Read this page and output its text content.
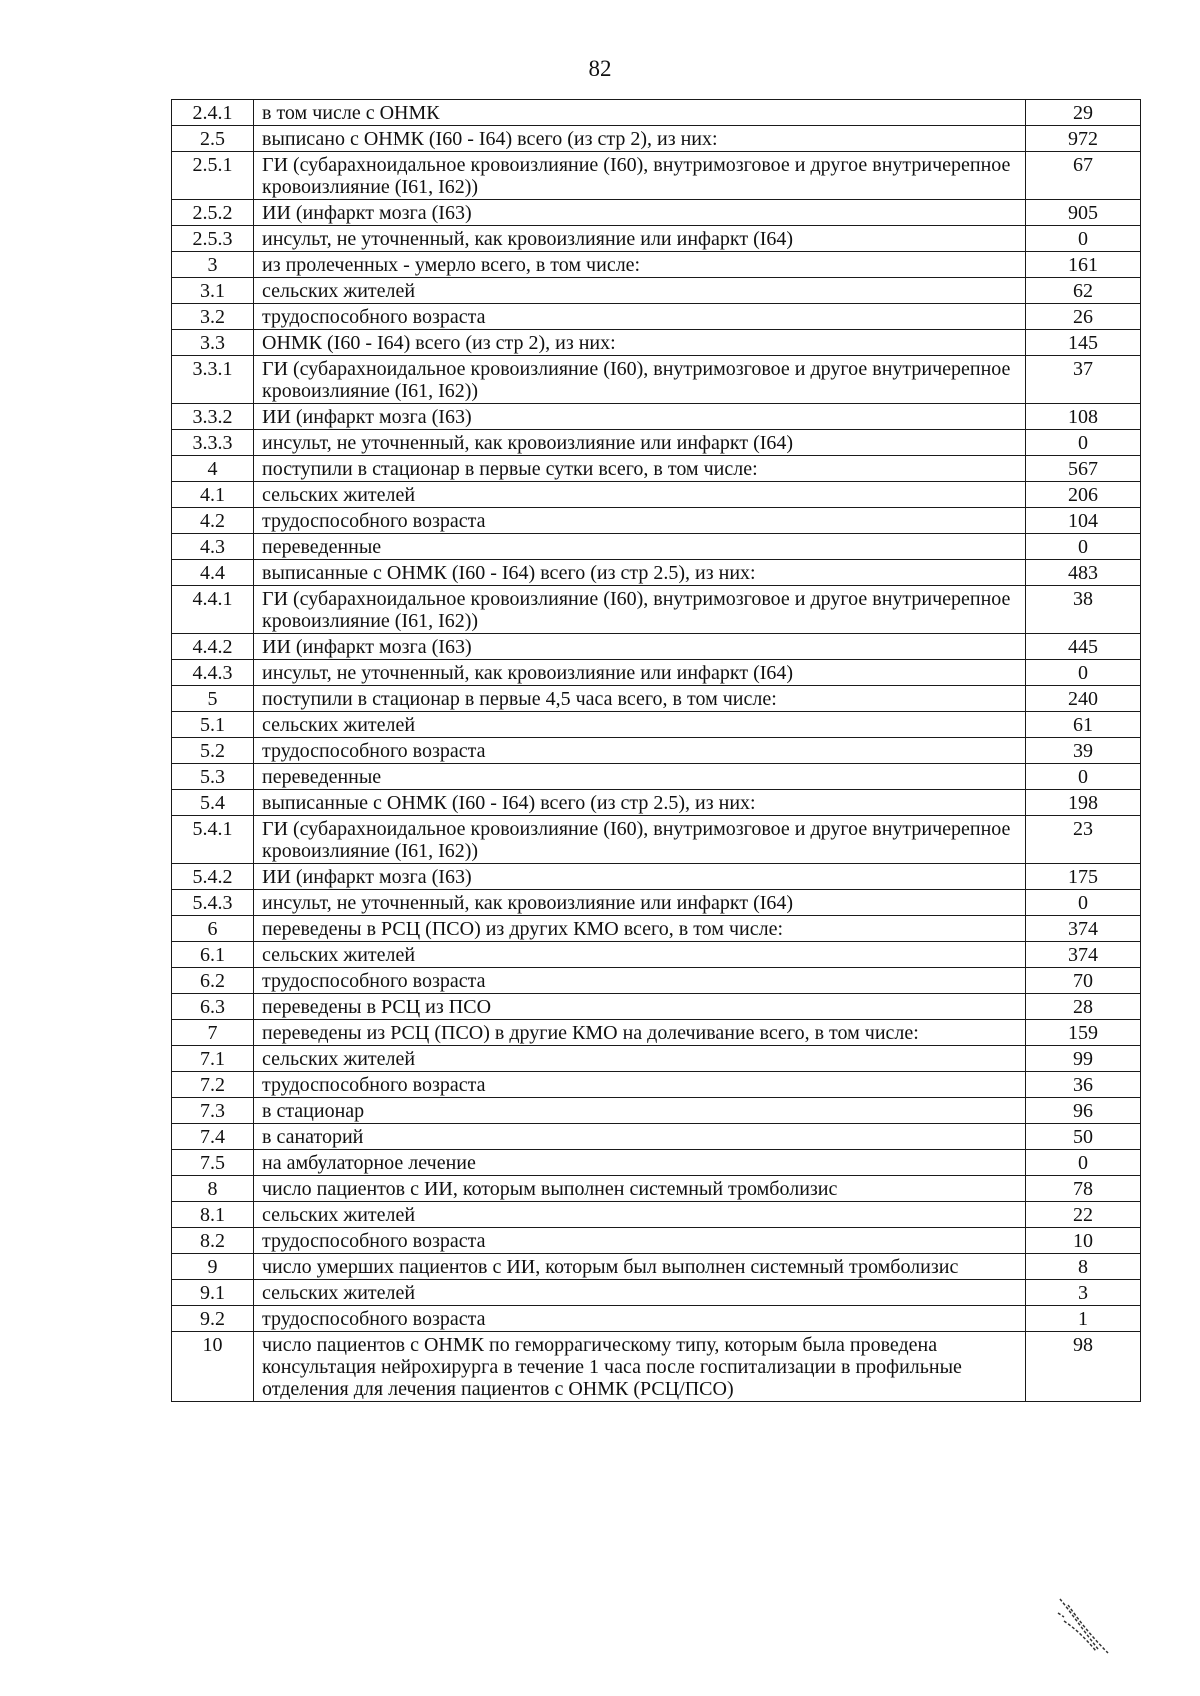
82
2.4.1	в том числе с ОНМК	29
2.5	выписано с ОНМК (I60 - I64) всего (из стр 2), из них:	972
2.5.1	ГИ (субарахноидальное кровоизлияние (I60), внутримозговое и другое внутричерепное кровоизлияние (I61, I62))	67
2.5.2	ИИ (инфаркт мозга (I63)	905
2.5.3	инсульт, не уточненный, как кровоизлияние или инфаркт (I64)	0
3	из пролеченных - умерло всего, в том числе:	161
3.1	сельских жителей	62
3.2	трудоспособного возраста	26
3.3	ОНМК (I60 - I64) всего (из стр 2), из них:	145
3.3.1	ГИ (субарахноидальное кровоизлияние (I60), внутримозговое и другое внутричерепное кровоизлияние (I61, I62))	37
3.3.2	ИИ (инфаркт мозга (I63)	108
3.3.3	инсульт, не уточненный, как кровоизлияние или инфаркт (I64)	0
4	поступили в стационар в первые сутки всего, в том числе:	567
4.1	сельских жителей	206
4.2	трудоспособного возраста	104
4.3	переведенные	0
4.4	выписанные с ОНМК (I60 - I64) всего (из стр 2.5), из них:	483
4.4.1	ГИ (субарахноидальное кровоизлияние (I60), внутримозговое и другое внутричерепное кровоизлияние (I61, I62))	38
4.4.2	ИИ (инфаркт мозга (I63)	445
4.4.3	инсульт, не уточненный, как кровоизлияние или инфаркт (I64)	0
5	поступили в стационар в первые 4,5 часа всего, в том числе:	240
5.1	сельских жителей	61
5.2	трудоспособного возраста	39
5.3	переведенные	0
5.4	выписанные с ОНМК (I60 - I64) всего (из стр 2.5), из них:	198
5.4.1	ГИ (субарахноидальное кровоизлияние (I60), внутримозговое и другое внутричерепное кровоизлияние (I61, I62))	23
5.4.2	ИИ (инфаркт мозга (I63)	175
5.4.3	инсульт, не уточненный, как кровоизлияние или инфаркт (I64)	0
6	переведены в РСЦ (ПСО) из других КМО всего, в том числе:	374
6.1	сельских жителей	374
6.2	трудоспособного возраста	70
6.3	переведены в РСЦ из ПСО	28
7	переведены из РСЦ (ПСО) в другие КМО на долечивание всего, в том числе:	159
7.1	сельских жителей	99
7.2	трудоспособного возраста	36
7.3	в стационар	96
7.4	в санаторий	50
7.5	на амбулаторное лечение	0
8	число пациентов с ИИ, которым выполнен системный тромболизис	78
8.1	сельских жителей	22
8.2	трудоспособного возраста	10
9	число умерших пациентов с ИИ, которым был выполнен системный тромболизис	8
9.1	сельских жителей	3
9.2	трудоспособного возраста	1
10	число пациентов с ОНМК по геморрагическому типу, которым была проведена консультация нейрохирурга в течение 1 часа после госпитализации в профильные отделения для лечения пациентов с ОНМК (РСЦ/ПСО)	98
